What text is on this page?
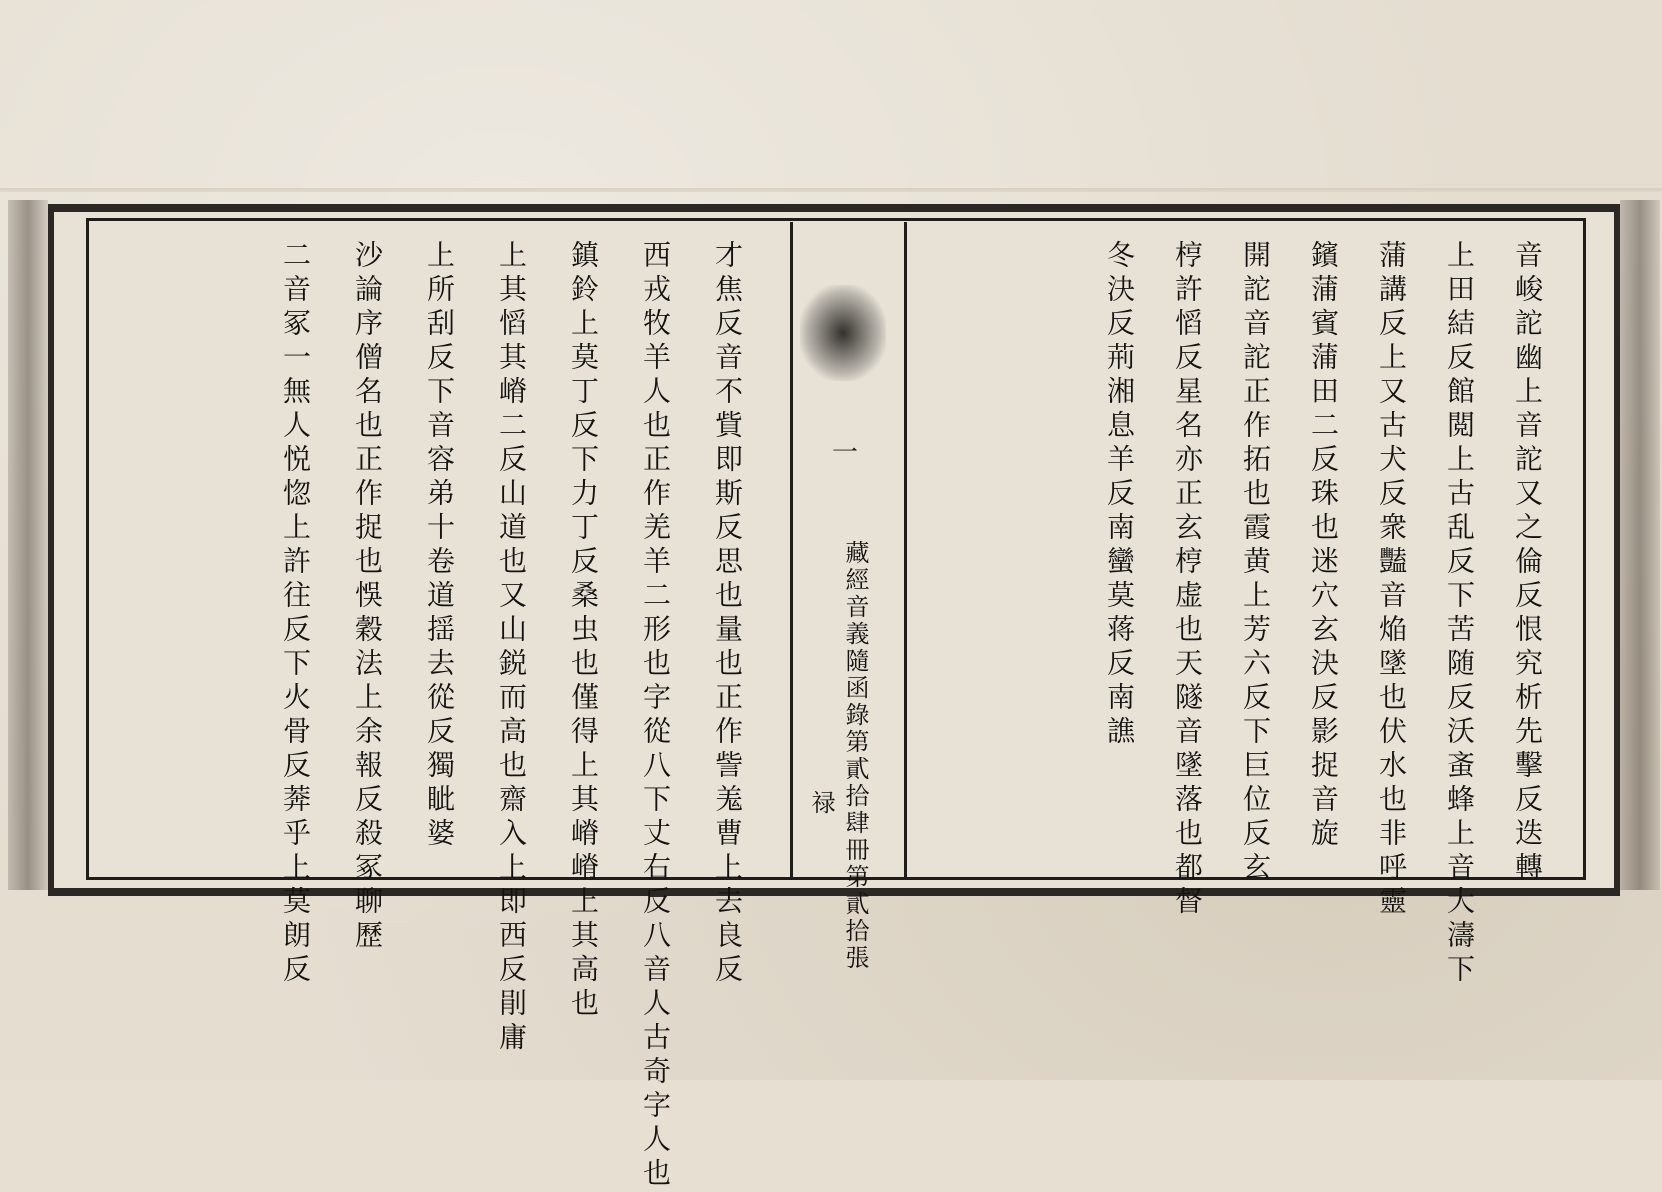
一
藏經音義隨函錄第貳拾肆冊第貳拾張
禄	音峻詑幽上音詑又之倫反恨究析先擊反迭轉
上田結反館閲上古乱反下苦随反沃蚉蜂上音大濤下
蒲講反上又古犬反衆豔音焔墜也伏水也非呼靈
鑌蒲賓蒲田二反珠也迷穴玄決反影捉音旋
開詑音詑正作拓也霞黄上芳六反下巨位反玄
梈許慆反星名亦正玄梈虚也天隧音墜落也都督
冬決反荊湘息羊反南蠻莫蒋反南譙
才焦反音不貲即斯反思也量也正作訾羗曹上去良反
西戎牧羊人也正作羌羊二形也字從八下丈右反八音人古奇字人也
鎮鈴上莫丁反下力丁反桑虫也僅得上其嵴嵴上其高也
上其慆其嵴二反山道也又山鋭而高也齋入上即西反剈庸
上所刮反下音容弟十卷道揺去從反獨眦婆
沙論序僧名也正作捉也悞穀法上余報反殺冢聊歷
二音冢一無人悦惚上許往反下火骨反莾乎上莫朗反
